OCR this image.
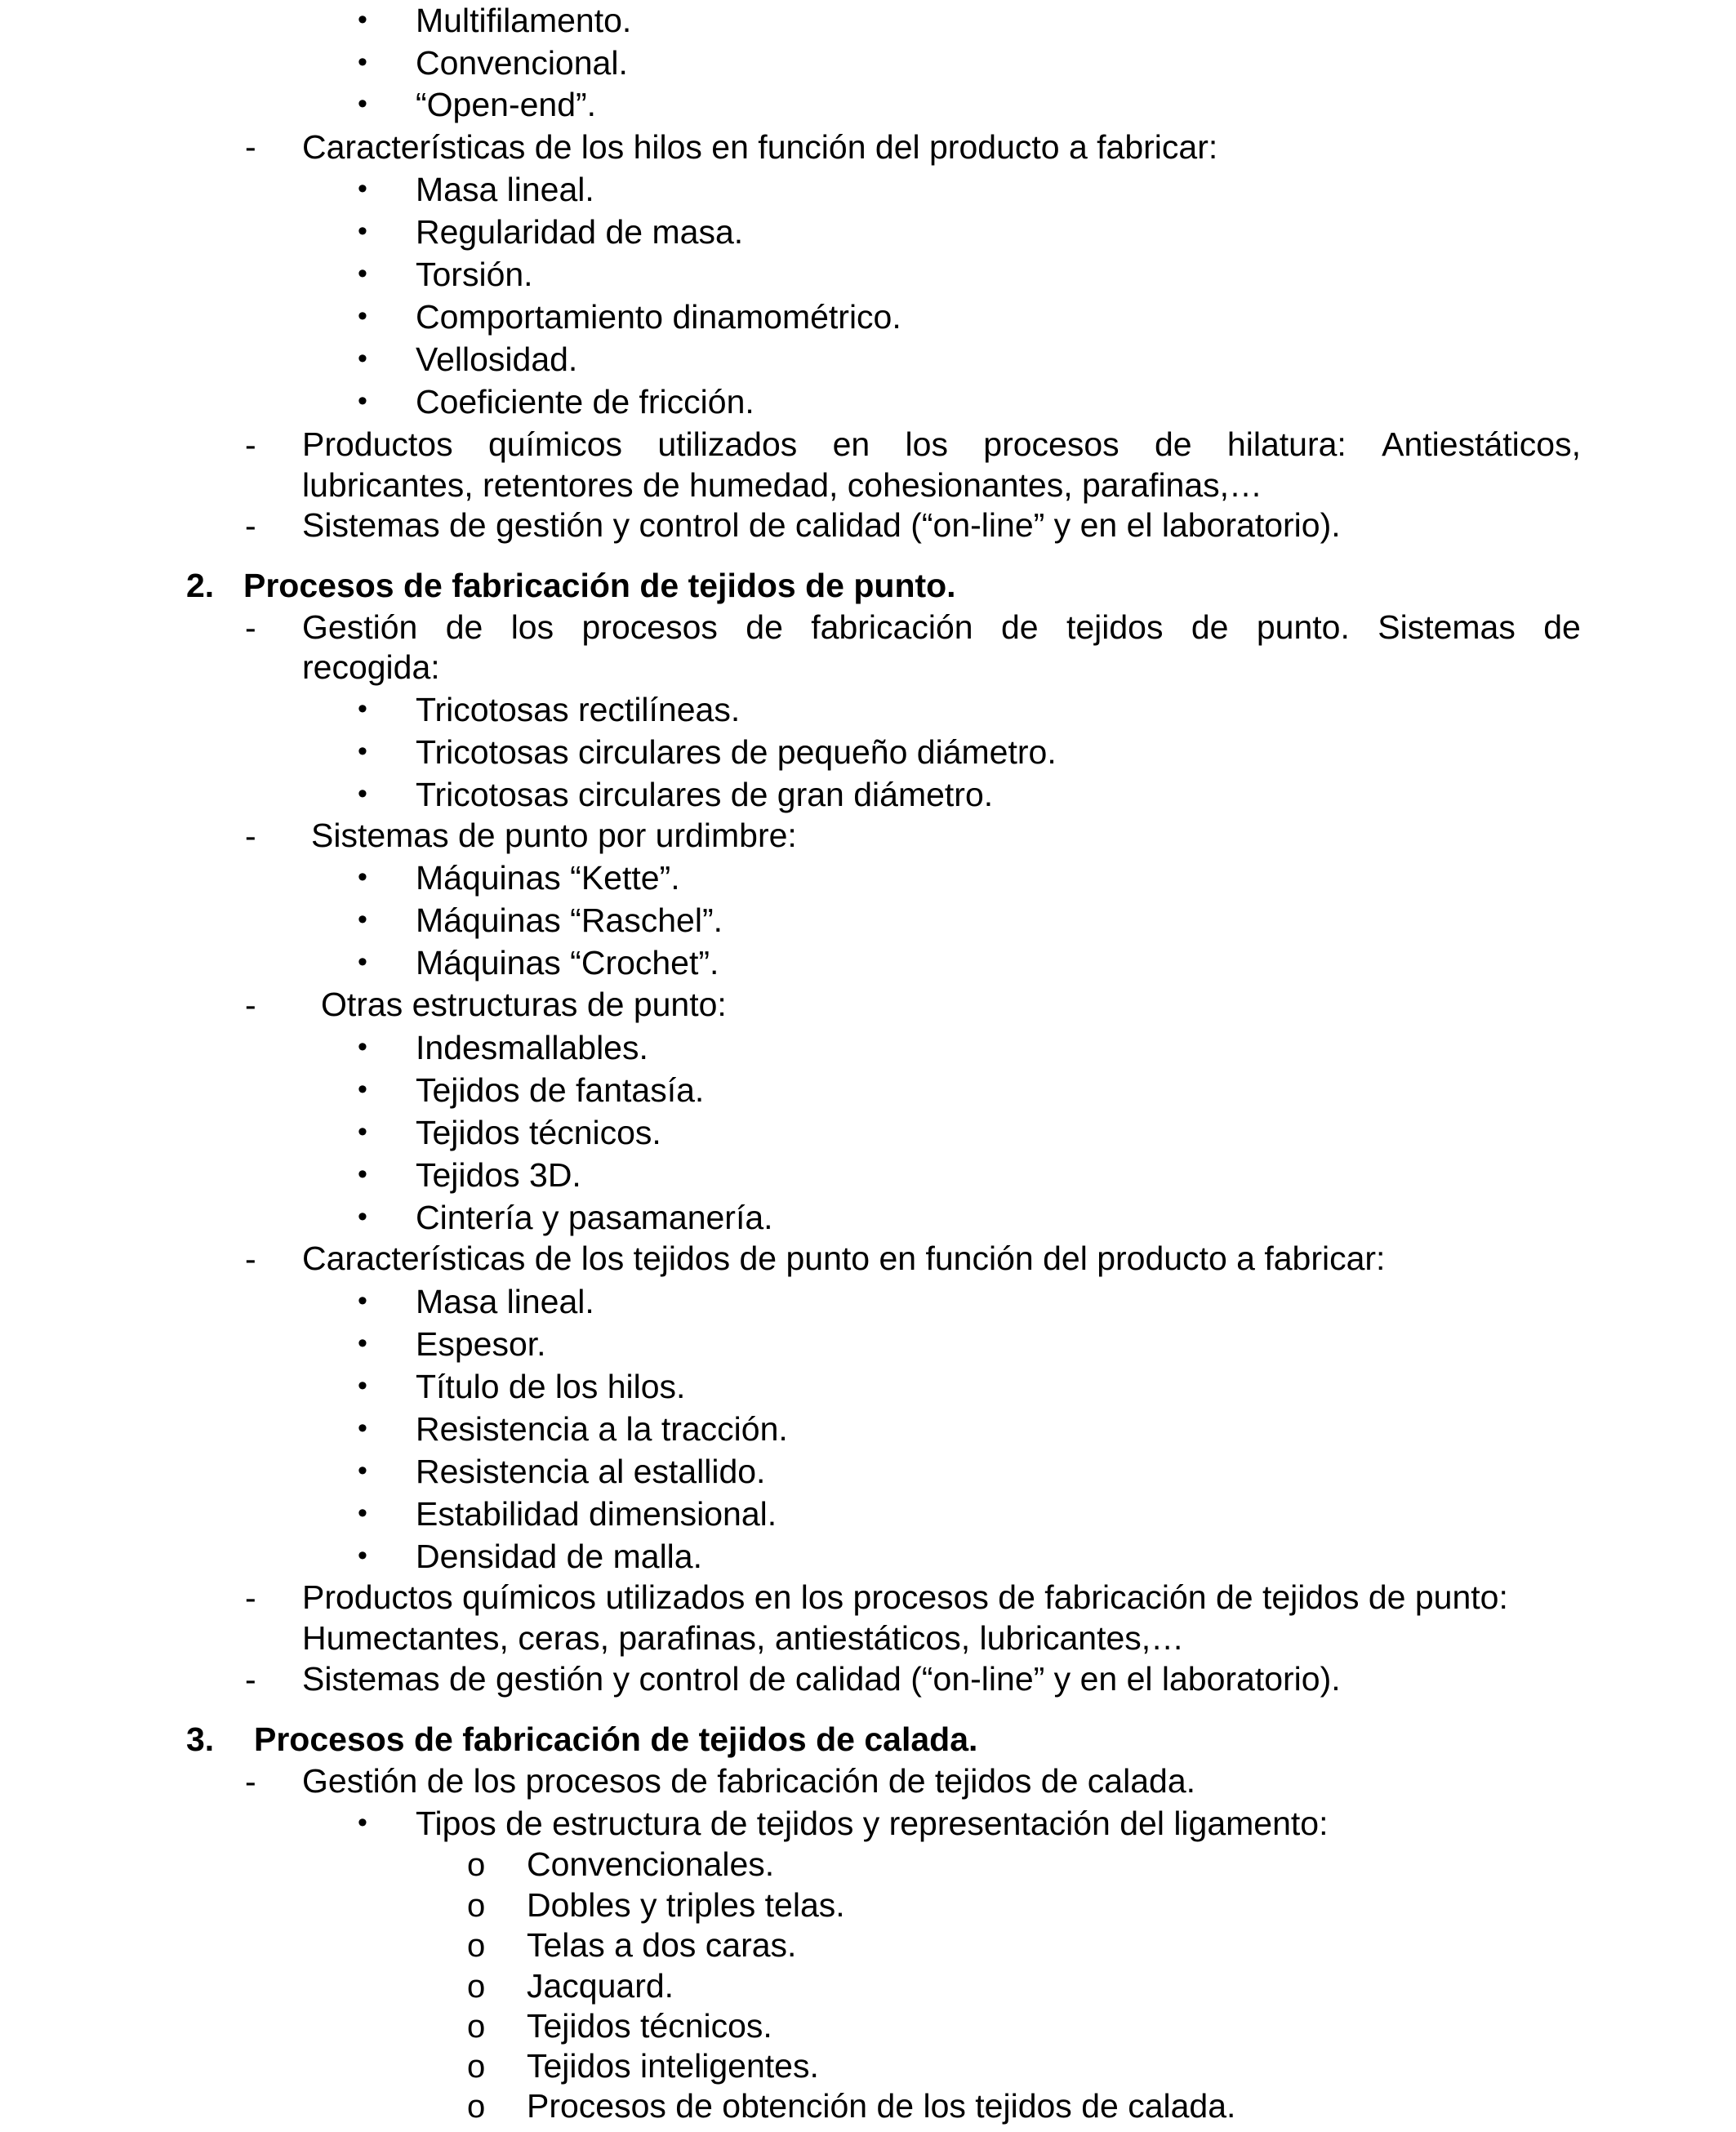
• Multifilamento.
• Convencional.
• “Open-end”.
- Características de los hilos en función del producto a fabricar:
• Masa lineal.
• Regularidad de masa.
• Torsión.
• Comportamiento dinamométrico.
• Vellosidad.
• Coeficiente de fricción.
- Productos químicos utilizados en los procesos de hilatura: Antiestáticos,
lubricantes, retentores de humedad, cohesionantes, parafinas,…
- Sistemas de gestión y control de calidad (“on-line” y en el laboratorio).
2. Procesos de fabricación de tejidos de punto.
- Gestión de los procesos de fabricación de tejidos de punto. Sistemas de
recogida:
• Tricotosas rectilíneas.
• Tricotosas circulares de pequeño diámetro.
• Tricotosas circulares de gran diámetro.
- Sistemas de punto por urdimbre:
• Máquinas “Kette”.
• Máquinas “Raschel”.
• Máquinas “Crochet”.
- Otras estructuras de punto:
• Indesmallables.
• Tejidos de fantasía.
• Tejidos técnicos.
• Tejidos 3D.
• Cintería y pasamanería.
- Características de los tejidos de punto en función del producto a fabricar:
• Masa lineal.
• Espesor.
• Título de los hilos.
• Resistencia a la tracción.
• Resistencia al estallido.
• Estabilidad dimensional.
• Densidad de malla.
- Productos químicos utilizados en los procesos de fabricación de tejidos de punto:
Humectantes, ceras, parafinas, antiestáticos, lubricantes,…
- Sistemas de gestión y control de calidad (“on-line” y en el laboratorio).
3. Procesos de fabricación de tejidos de calada.
- Gestión de los procesos de fabricación de tejidos de calada.
• Tipos de estructura de tejidos y representación del ligamento:
o Convencionales.
o Dobles y triples telas.
o Telas a dos caras.
o Jacquard.
o Tejidos técnicos.
o Tejidos inteligentes.
o Procesos de obtención de los tejidos de calada.
